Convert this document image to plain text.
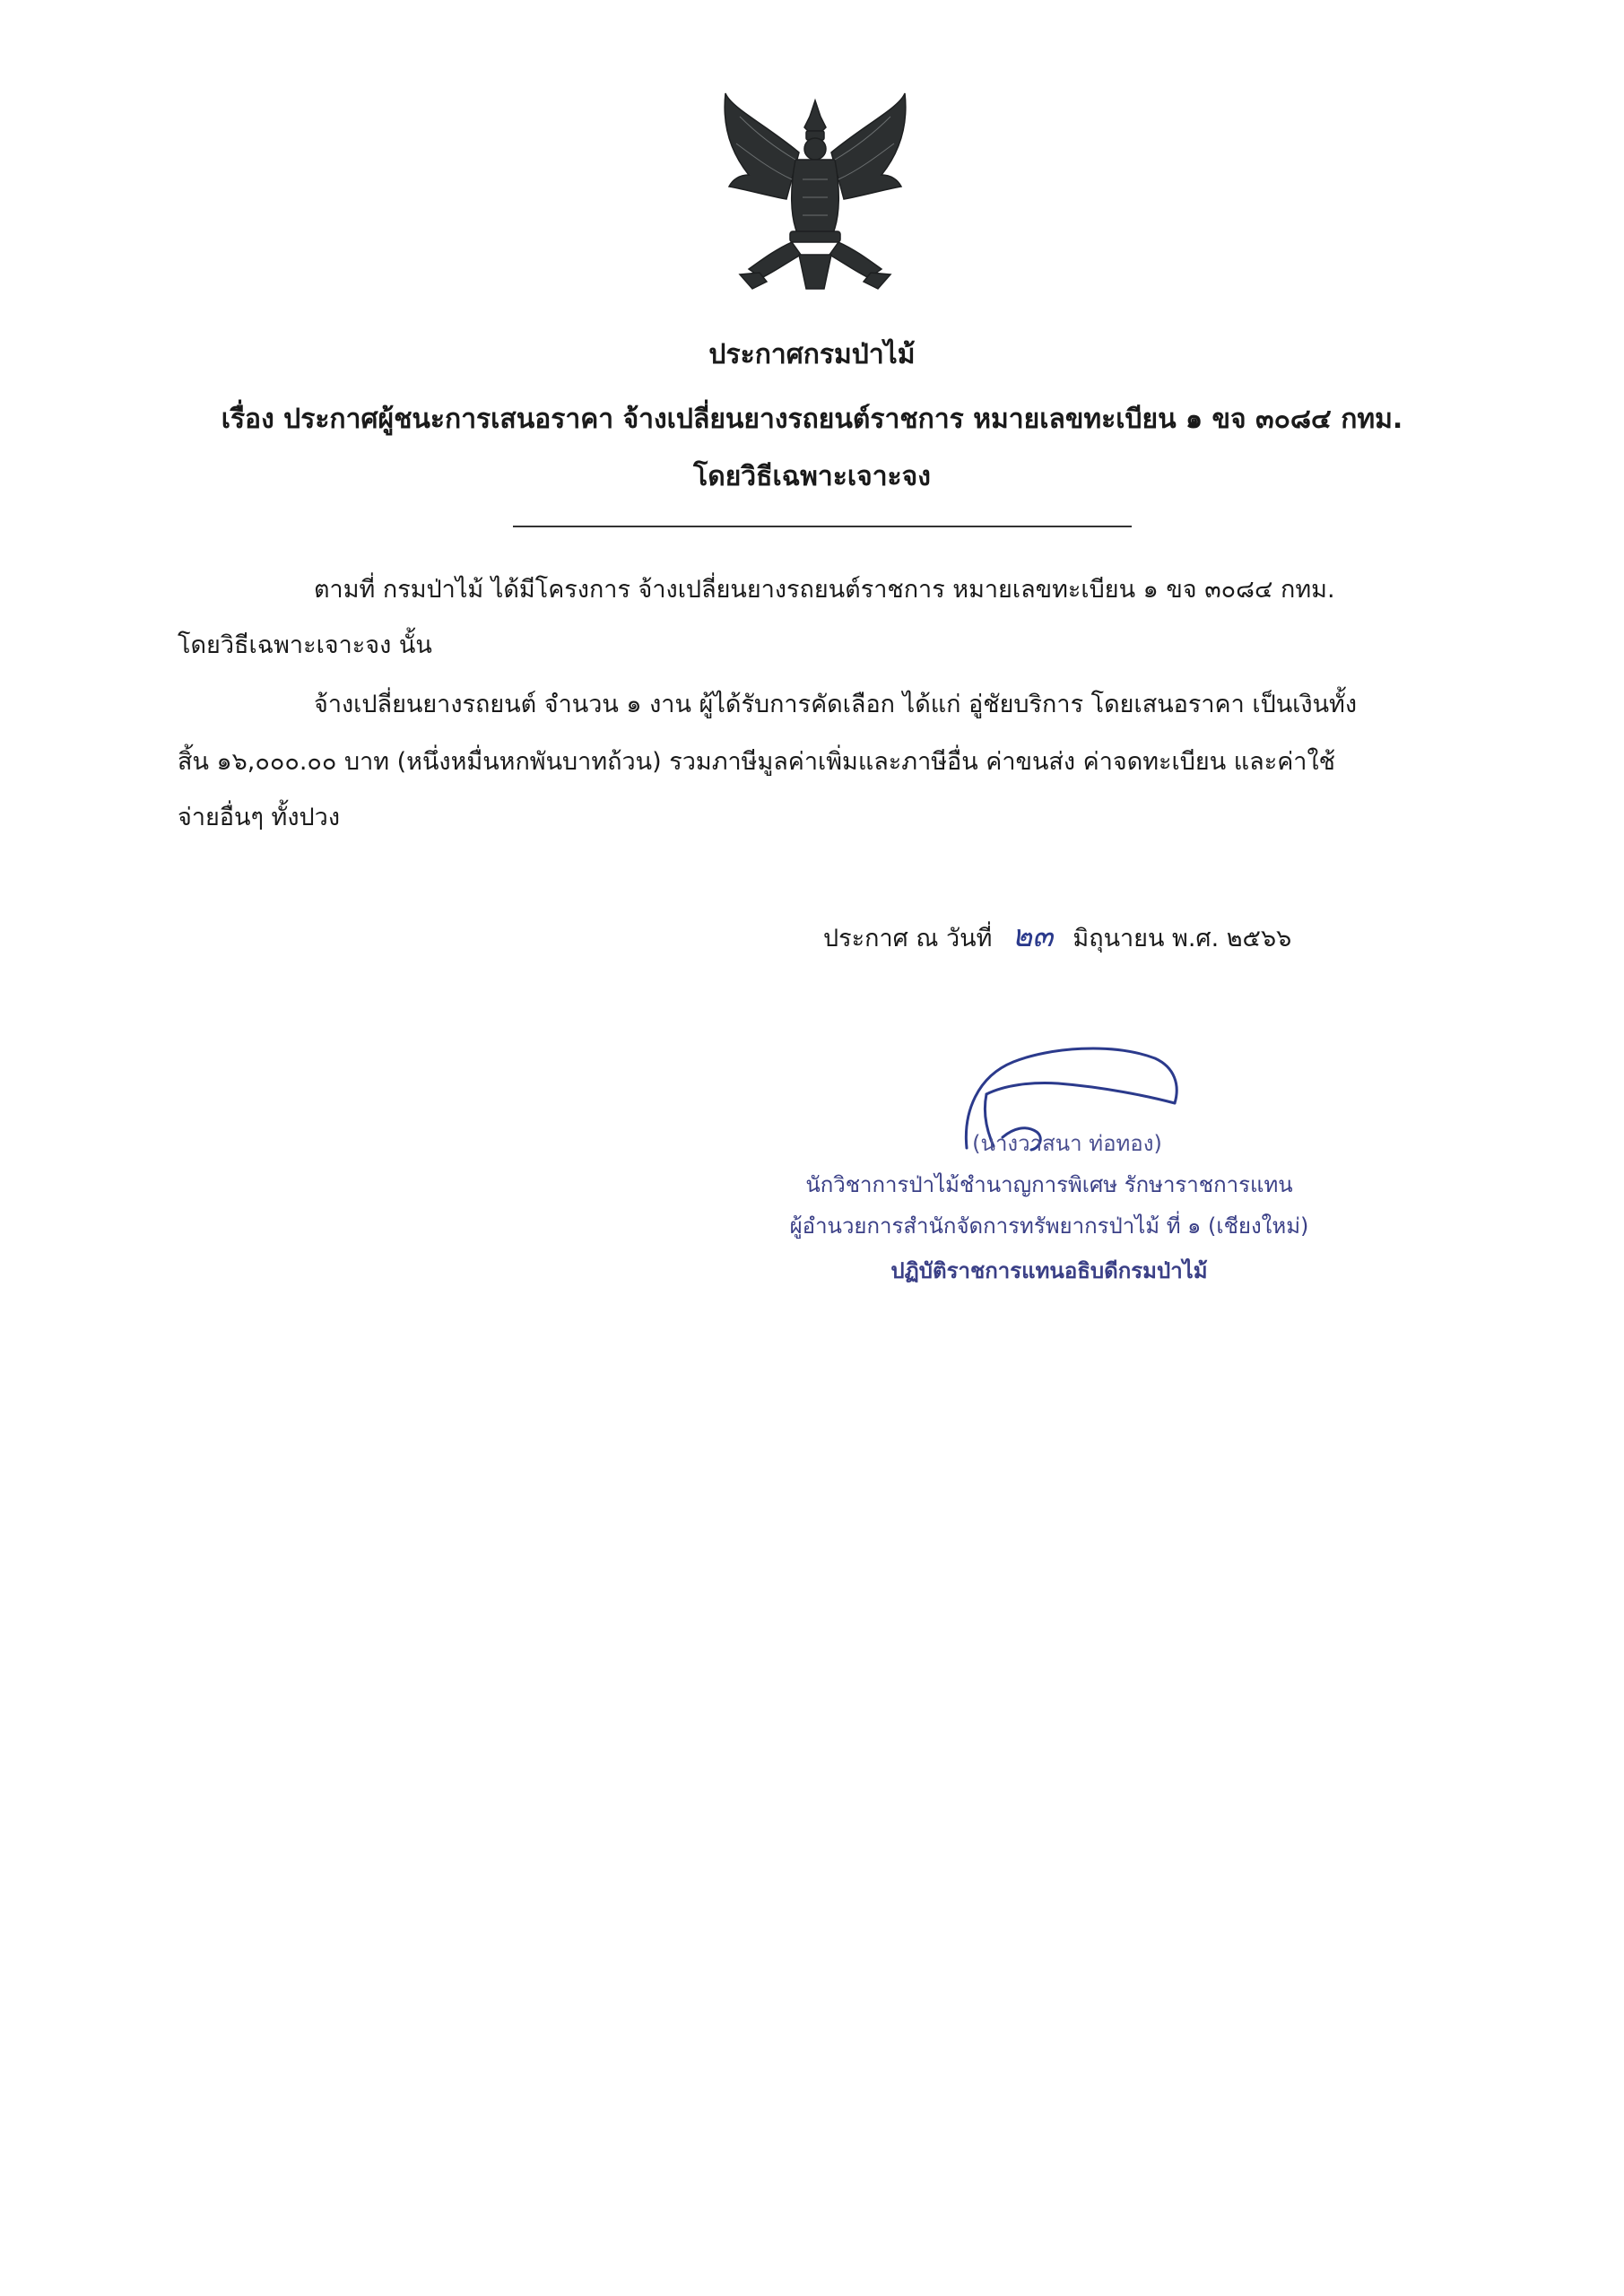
ประกาศกรมป่าไม้
เรื่อง ประกาศผู้ชนะการเสนอราคา จ้างเปลี่ยนยางรถยนต์ราชการ หมายเลขทะเบียน ๑ ขจ ๓๐๘๔ กทม.
โดยวิธีเฉพาะเจาะจง
ตามที่ กรมป่าไม้ ได้มีโครงการ จ้างเปลี่ยนยางรถยนต์ราชการ หมายเลขทะเบียน ๑ ขจ ๓๐๘๔ กทม.
โดยวิธีเฉพาะเจาะจง นั้น
จ้างเปลี่ยนยางรถยนต์ จำนวน ๑ งาน ผู้ได้รับการคัดเลือก ได้แก่ อู่ชัยบริการ โดยเสนอราคา เป็นเงินทั้ง
สิ้น ๑๖,๐๐๐.๐๐ บาท (หนึ่งหมื่นหกพันบาทถ้วน) รวมภาษีมูลค่าเพิ่มและภาษีอื่น ค่าขนส่ง ค่าจดทะเบียน และค่าใช้
จ่ายอื่นๆ ทั้งปวง
ประกาศ ณ วันที่ ๒๓ มิถุนายน พ.ศ. ๒๕๖๖
(นางวาสนา ท่อทอง)
นักวิชาการป่าไม้ชำนาญการพิเศษ รักษาราชการแทน
ผู้อำนวยการสำนักจัดการทรัพยากรป่าไม้ ที่ ๑ (เชียงใหม่)
ปฏิบัติราชการแทนอธิบดีกรมป่าไม้
